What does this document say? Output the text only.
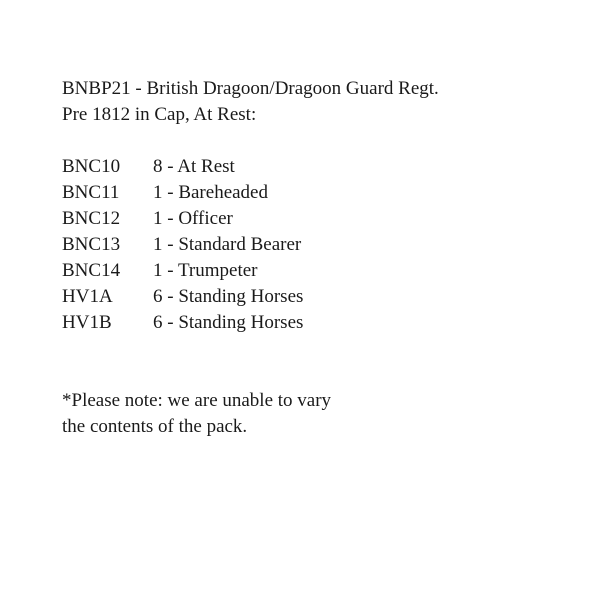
BNBP21 - British Dragoon/Dragoon Guard Regt.
Pre 1812 in Cap, At Rest:
BNC10	8 - At Rest
BNC11	1 - Bareheaded
BNC12	1 - Officer
BNC13	1 - Standard Bearer
BNC14	1 - Trumpeter
HV1A	6 - Standing Horses
HV1B	6 - Standing Horses
*Please note: we are unable to vary
the contents of the pack.
